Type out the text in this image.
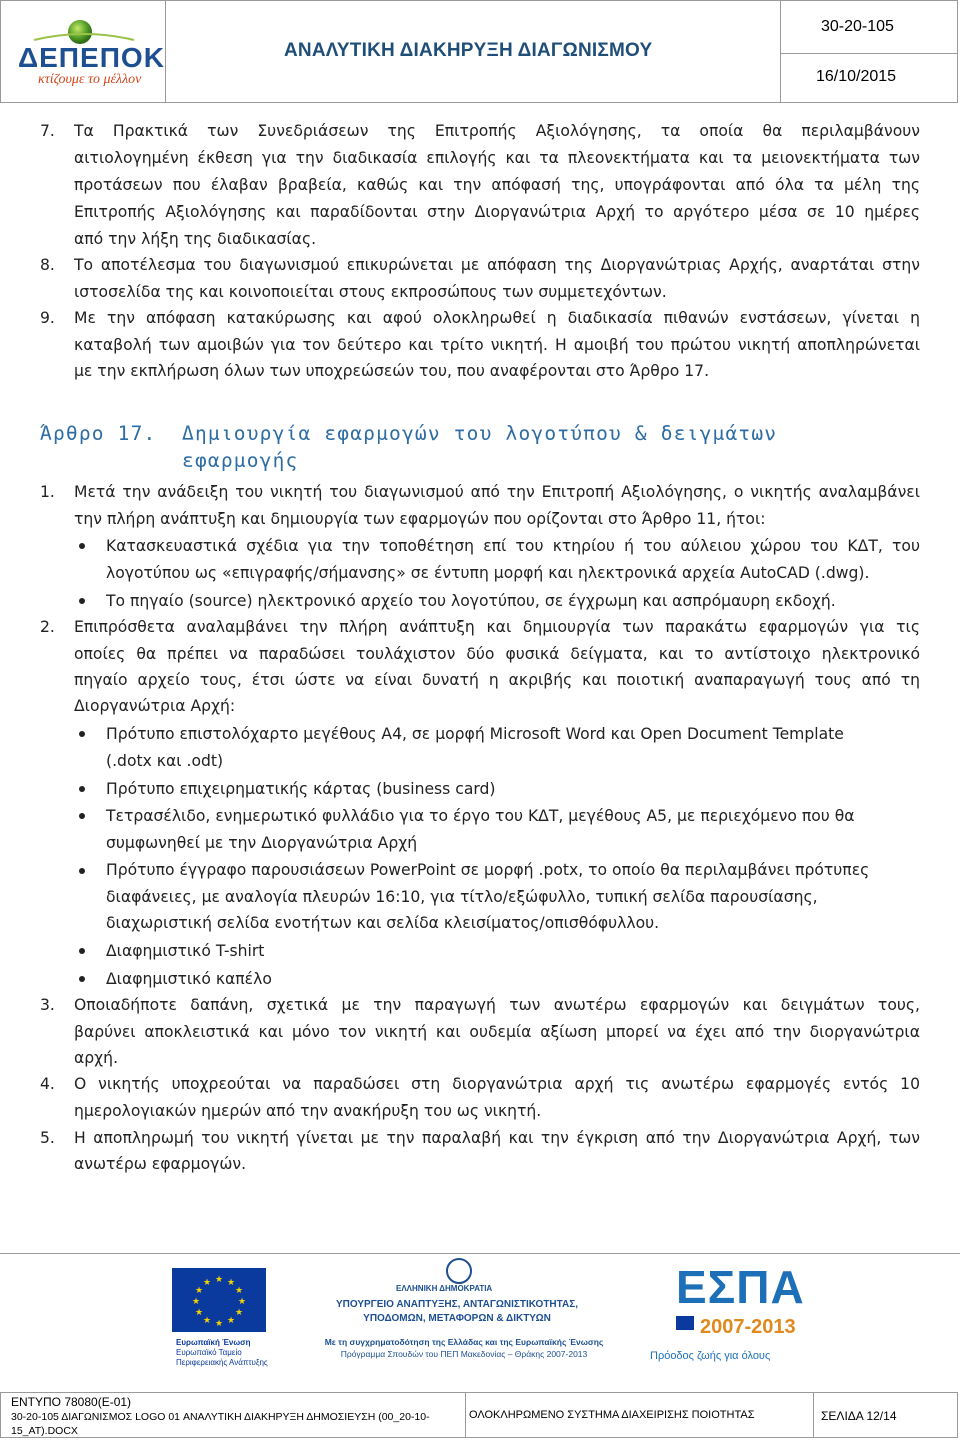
ΔΕΠΕΠΟΚ
κτίζουμε το μέλλον
ΑΝΑΛΥΤΙΚΗ ΔΙΑΚΗΡΥΞΗ ΔΙΑΓΩΝΙΣΜΟΥ
30-20-105
16/10/2015
7. Τα Πρακτικά των Συνεδριάσεων της Επιτροπής Αξιολόγησης, τα οποία θα περιλαμβάνουν
αιτιολογημένη έκθεση για την διαδικασία επιλογής και τα πλεονεκτήματα και τα μειονεκτήματα των
προτάσεων που έλαβαν βραβεία, καθώς και την απόφασή της, υπογράφονται από όλα τα μέλη της
Επιτροπής Αξιολόγησης και παραδίδονται στην Διοργανώτρια Αρχή το αργότερο μέσα σε 10 ημέρες
από την λήξη της διαδικασίας.
8. Το αποτέλεσμα του διαγωνισμού επικυρώνεται με απόφαση της Διοργανώτριας Αρχής, αναρτάται στην
ιστοσελίδα της και κοινοποιείται στους εκπροσώπους των συμμετεχόντων.
9. Με την απόφαση κατακύρωσης και αφού ολοκληρωθεί η διαδικασία πιθανών ενστάσεων, γίνεται η
καταβολή των αμοιβών για τον δεύτερο και τρίτο νικητή. Η αμοιβή του πρώτου νικητή αποπληρώνεται
με την εκπλήρωση όλων των υποχρεώσεών του, που αναφέρονται στο Άρθρο 17.
Άρθρο 17. Δημιουργία εφαρμογών του λογοτύπου & δειγμάτων
εφαρμογής
1. Μετά την ανάδειξη του νικητή του διαγωνισμού από την Επιτροπή Αξιολόγησης, ο νικητής αναλαμβάνει
την πλήρη ανάπτυξη και δημιουργία των εφαρμογών που ορίζονται στο Άρθρο 11, ήτοι:
Κατασκευαστικά σχέδια για την τοποθέτηση επί του κτηρίου ή του αύλειου χώρου του ΚΔΤ, του
λογοτύπου ως «επιγραφής/σήμανσης» σε έντυπη μορφή και ηλεκτρονικά αρχεία AutoCAD (.dwg).
Το πηγαίο (source) ηλεκτρονικό αρχείο του λογοτύπου, σε έγχρωμη και ασπρόμαυρη εκδοχή.
2. Επιπρόσθετα αναλαμβάνει την πλήρη ανάπτυξη και δημιουργία των παρακάτω εφαρμογών για τις
οποίες θα πρέπει να παραδώσει τουλάχιστον δύο φυσικά δείγματα, και το αντίστοιχο ηλεκτρονικό
πηγαίο αρχείο τους, έτσι ώστε να είναι δυνατή η ακριβής και ποιοτική αναπαραγωγή τους από τη
Διοργανώτρια Αρχή:
Πρότυπο επιστολόχαρτο μεγέθους Α4, σε μορφή Microsoft Word και Open Document Template
(.dotx και .odt)
Πρότυπο επιχειρηματικής κάρτας (business card)
Τετρασέλιδο, ενημερωτικό φυλλάδιο για το έργο του ΚΔΤ, μεγέθους Α5, με περιεχόμενο που θα
συμφωνηθεί με την Διοργανώτρια Αρχή
Πρότυπο έγγραφο παρουσιάσεων PowerPoint σε μορφή .potx, το οποίο θα περιλαμβάνει πρότυπες
διαφάνειες, με αναλογία πλευρών 16:10, για τίτλο/εξώφυλλο, τυπική σελίδα παρουσίασης,
διαχωριστική σελίδα ενοτήτων και σελίδα κλεισίματος/οπισθόφυλλου.
Διαφημιστικό T-shirt
Διαφημιστικό καπέλο
3. Οποιαδήποτε δαπάνη, σχετικά με την παραγωγή των ανωτέρω εφαρμογών και δειγμάτων τους,
βαρύνει αποκλειστικά και μόνο τον νικητή και ουδεμία αξίωση μπορεί να έχει από την διοργανώτρια
αρχή.
4. Ο νικητής υποχρεούται να παραδώσει στη διοργανώτρια αρχή τις ανωτέρω εφαρμογές εντός 10
ημερολογιακών ημερών από την ανακήρυξη του ως νικητή.
5. Η αποπληρωμή του νικητή γίνεται με την παραλαβή και την έγκριση από την Διοργανώτρια Αρχή, των
ανωτέρω εφαρμογών.
★ ★
★
★
★
★
★
★
★
★
★
★
Ευρωπαϊκή Ένωση
Ευρωπαϊκό Ταμείο
Περιφερειακής Ανάπτυξης
ΕΛΛΗΝΙΚΗ ΔΗΜΟΚΡΑΤΙΑ
ΥΠΟΥΡΓΕΙΟ ΑΝΑΠΤΥΞΗΣ, ΑΝΤΑΓΩΝΙΣΤΙΚΟΤΗΤΑΣ,
ΥΠΟΔΟΜΩΝ, ΜΕΤΑΦΟΡΩΝ & ΔΙΚΤΥΩΝ
Με τη συγχρηματοδότηση της Ελλάδας και της Ευρωπαϊκής Ένωσης
Πρόγραμμα Σπουδών του ΠΕΠ Μακεδονίας – Θράκης 2007-2013
ΕΣΠΑ
2007-2013
Πρόοδος ζωής για όλους
ΕΝΤΥΠΟ 78080(Ε-01)
30-20-105 ΔΙΑΓΩΝΙΣΜΟΣ LOGO 01 ΑΝΑΛΥΤΙΚΗ ΔΙΑΚΗΡΥΞΗ ΔΗΜΟΣΙΕΥΣΗ (00_20-10-
15_AT).DOCX
ΟΛΟΚΛΗΡΩΜΕΝΟ ΣΥΣΤΗΜΑ ΔΙΑΧΕΙΡΙΣΗΣ ΠΟΙΟΤΗΤΑΣ	ΣΕΛΙΔΑ 12/14
